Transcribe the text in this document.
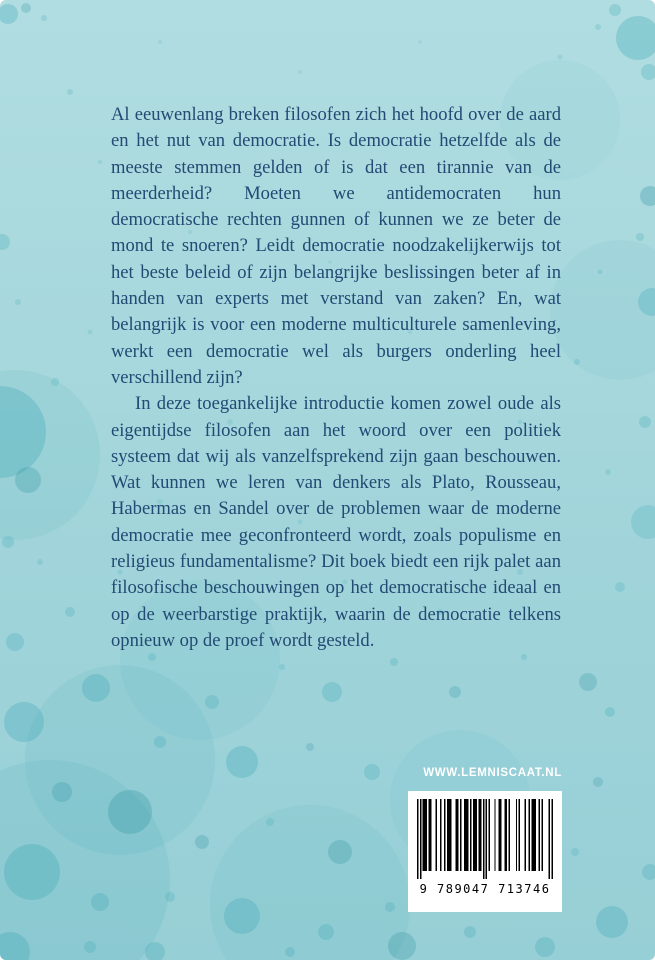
Al eeuwenlang breken filosofen zich het hoofd over de aard en het nut van democratie. Is democratie hetzelfde als de meeste stemmen gelden of is dat een tirannie van de meerderheid? Moeten we antidemocraten hun democratische rechten gunnen of kunnen we ze beter de mond te snoeren? Leidt democratie noodzakelijkerwijs tot het beste beleid of zijn belangrijke beslissingen beter af in handen van experts met verstand van zaken? En, wat belangrijk is voor een moderne multiculturele samenleving, werkt een democratie wel als burgers onderling heel verschillend zijn?

In deze toegankelijke introductie komen zowel oude als eigentijdse filosofen aan het woord over een politiek systeem dat wij als vanzelfsprekend zijn gaan beschouwen. Wat kunnen we leren van denkers als Plato, Rousseau, Habermas en Sandel over de problemen waar de moderne democratie mee geconfronteerd wordt, zoals populisme en religieus fundamentalisme? Dit boek biedt een rijk palet aan filosofische beschouwingen op het democratische ideaal en op de weerbarstige praktijk, waarin de democratie telkens opnieuw op de proef wordt gesteld.

WWW.LEMNISCAAT.NL
9 789047 713746
